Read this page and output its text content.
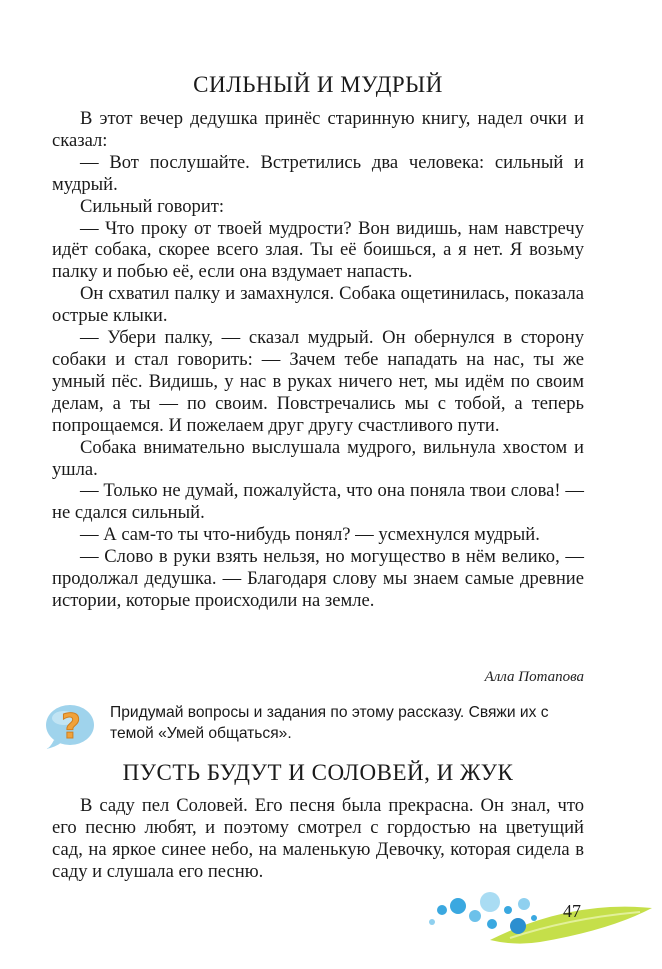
СИЛЬНЫЙ И МУДРЫЙ

В этот вечер дедушка принёс старинную книгу, надел очки и сказал:

— Вот послушайте. Встретились два человека: сильный и мудрый.

Сильный говорит:

— Что проку от твоей мудрости? Вон видишь, нам навстречу идёт собака, скорее всего злая. Ты её боишься, а я нет. Я возьму палку и побью её, если она вздумает напасть.

Он схватил палку и замахнулся. Собака ощетинилась, показала острые клыки.

— Убери палку, — сказал мудрый. Он обернулся в сторону собаки и стал говорить: — Зачем тебе нападать на нас, ты же умный пёс. Видишь, у нас в руках ничего нет, мы идём по своим делам, а ты — по своим. Повстречались мы с тобой, а теперь попрощаемся. И пожелаем друг другу счастливого пути.

Собака внимательно выслушала мудрого, вильнула хвостом и ушла.

— Только не думай, пожалуйста, что она поняла твои слова! — не сдался сильный.

— А сам-то ты что-нибудь понял? — усмехнулся мудрый.

— Слово в руки взять нельзя, но могущество в нём велико, — продолжал дедушка. — Благодаря слову мы знаем самые древние истории, которые происходили на земле.

Алла Потапова
? Придумай вопросы и задания по этому рассказу. Свяжи их с темой «Умей общаться».
ПУСТЬ БУДУТ И СОЛОВЕЙ, И ЖУК

В саду пел Соловей. Его песня была прекрасна. Он знал, что его песню любят, и поэтому смотрел с гордостью на цветущий сад, на яркое синее небо, на маленькую Девочку, которая сидела в саду и слушала его песню.

47
